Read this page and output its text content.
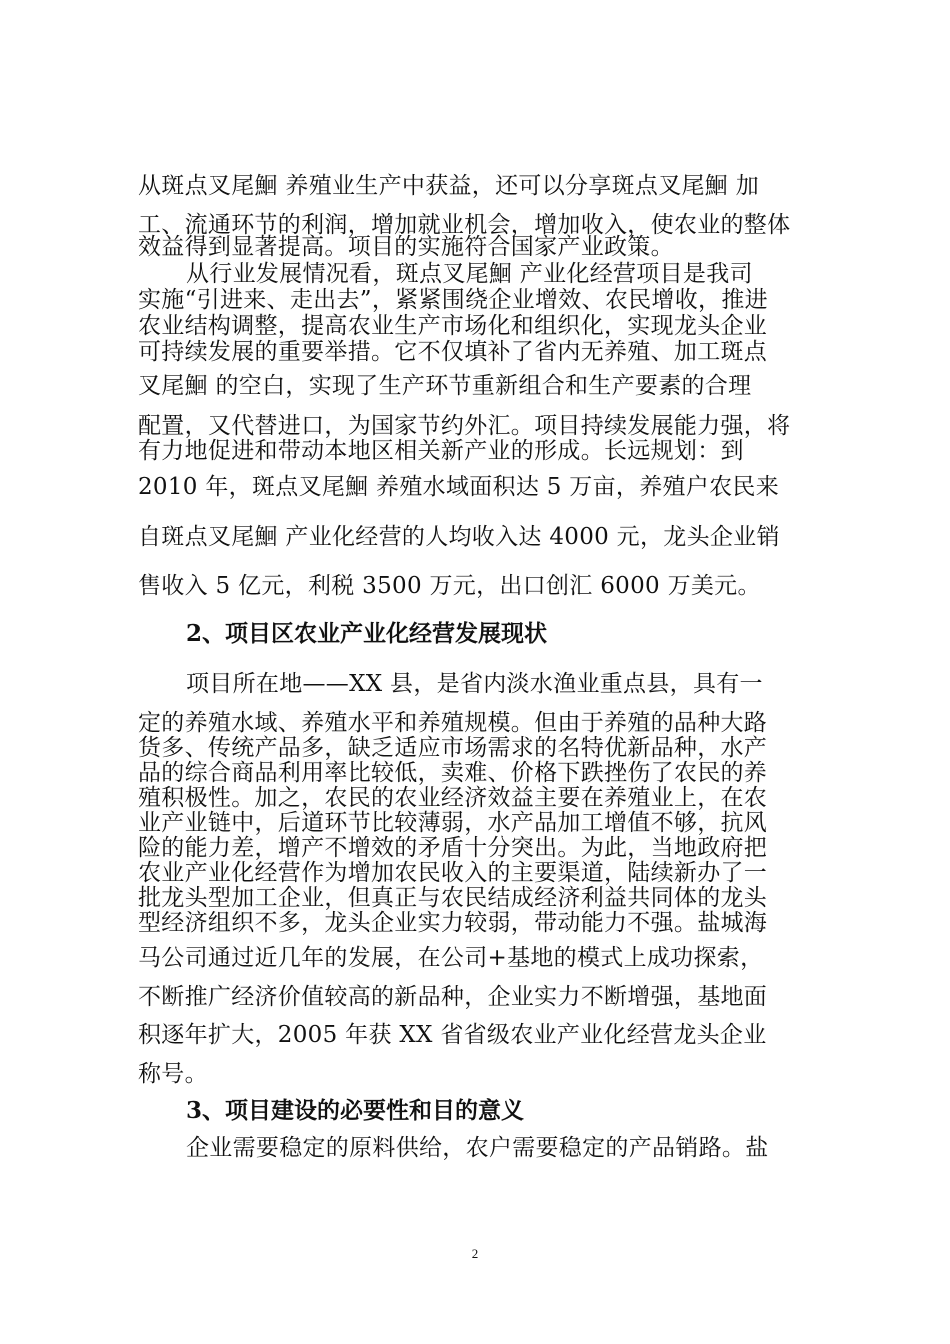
从斑点叉尾鮰 养殖业生产中获益，还可以分享斑点叉尾鮰 加
工、流通环节的利润，增加就业机会，增加收入，使农业的整体
效益得到显著提高。项目的实施符合国家产业政策。
从行业发展情况看，斑点叉尾鮰 产业化经营项目是我司
实施“引进来、走出去”，紧紧围绕企业增效、农民增收，推进
农业结构调整，提高农业生产市场化和组织化，实现龙头企业
可持续发展的重要举措。它不仅填补了省内无养殖、加工斑点
叉尾鮰 的空白，实现了生产环节重新组合和生产要素的合理
配置，又代替进口，为国家节约外汇。项目持续发展能力强，将
有力地促进和带动本地区相关新产业的形成。长远规划：到
2010 年，斑点叉尾鮰 养殖水域面积达 5 万亩，养殖户农民来
自斑点叉尾鮰 产业化经营的人均收入达 4000 元，龙头企业销
售收入 5 亿元，利税 3500 万元，出口创汇 6000 万美元。
2、项目区农业产业化经营发展现状
项目所在地——XX 县，是省内淡水渔业重点县，具有一
定的养殖水域、养殖水平和养殖规模。但由于养殖的品种大路
货多、传统产品多，缺乏适应市场需求的名特优新品种，水产
品的综合商品利用率比较低，卖难、价格下跌挫伤了农民的养
殖积极性。加之，农民的农业经济效益主要在养殖业上，在农
业产业链中，后道环节比较薄弱，水产品加工增值不够，抗风
险的能力差，增产不增效的矛盾十分突出。为此，当地政府把
农业产业化经营作为增加农民收入的主要渠道，陆续新办了一
批龙头型加工企业，但真正与农民结成经济利益共同体的龙头
型经济组织不多，龙头企业实力较弱，带动能力不强。盐城海
马公司通过近几年的发展，在公司+基地的模式上成功探索，
不断推广经济价值较高的新品种，企业实力不断增强，基地面
积逐年扩大，2005 年获 XX 省省级农业产业化经营龙头企业
称号。
3、项目建设的必要性和目的意义
企业需要稳定的原料供给，农户需要稳定的产品销路。盐
2
